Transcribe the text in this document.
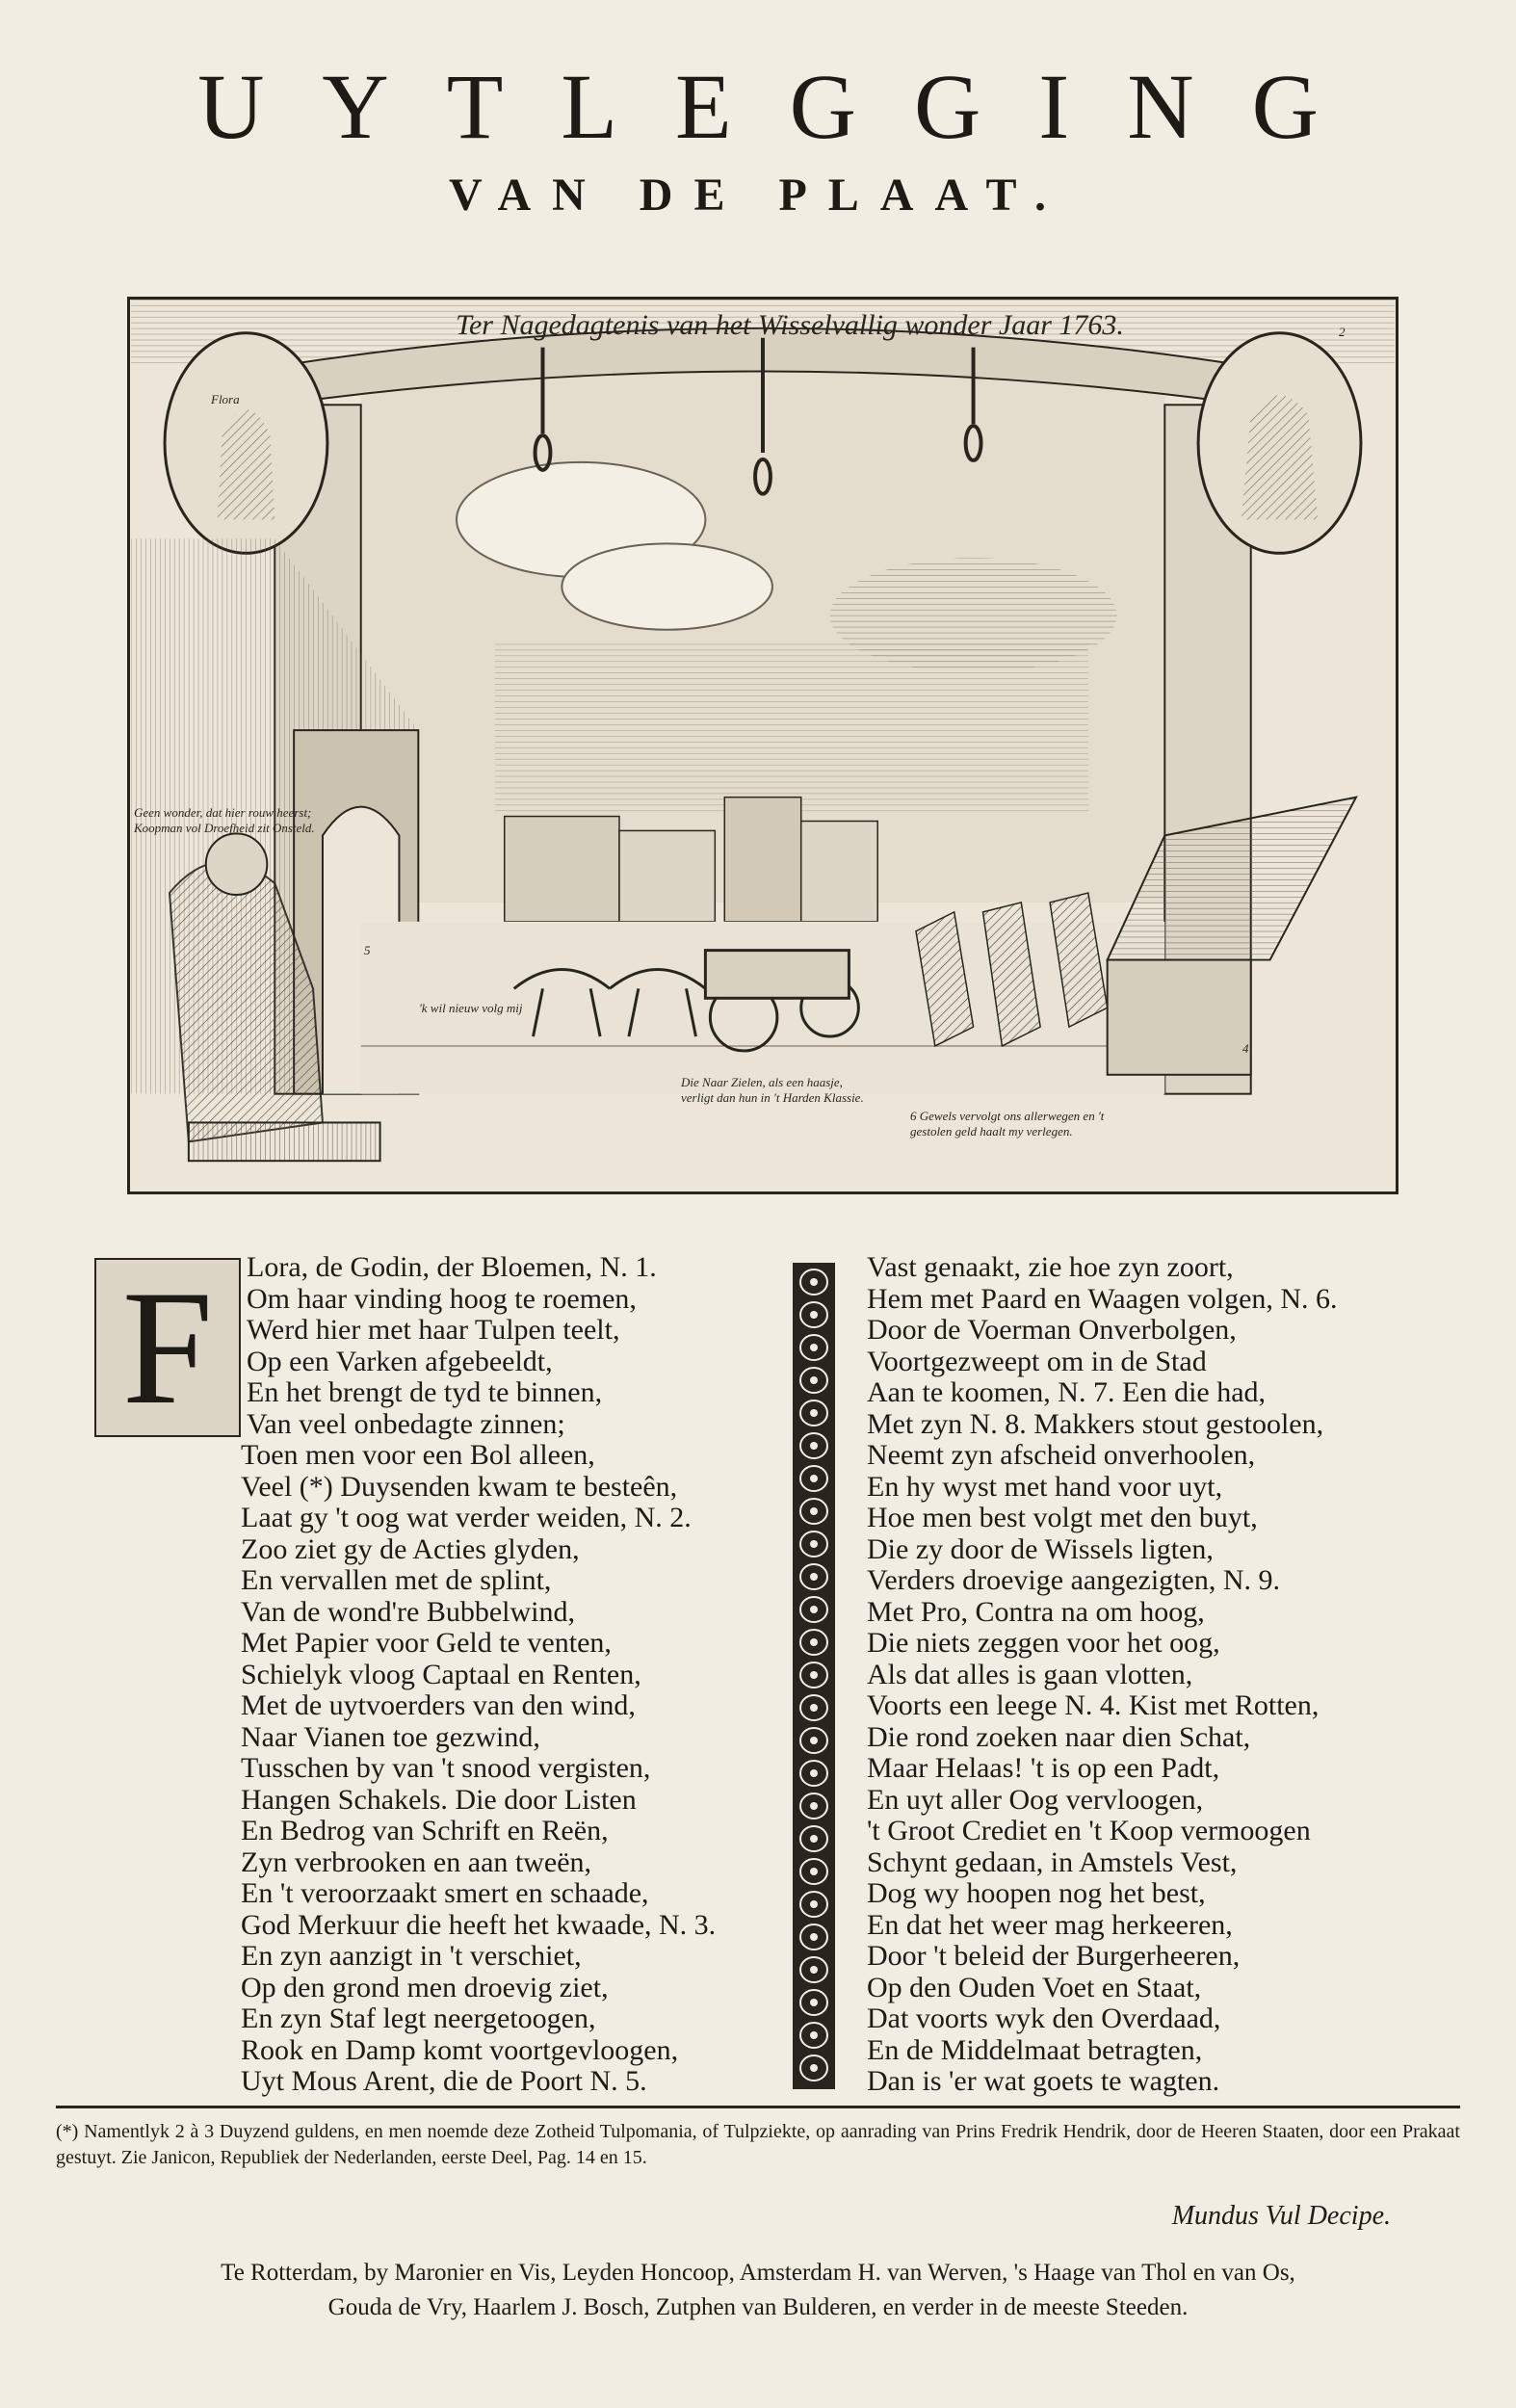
UYTLEGGING
VAN DE PLAAT.
Ter Nagedagtenis van het Wisselvallig wonder Jaar 1763.
Flora
2
Geen wonder, dat hier rouw heerst; Koopman vol Droefheid zit Onsteld.
5
'k wil nieuw volg mij
Die Naar Zielen, als een haasje, verligt dan hun in 't Harden Klassie.
6 Gewels vervolgt ons allerwegen en 't gestolen geld haalt my verlegen.
4
F	Lora, de Godin, der Bloemen, N. 1.
Om haar vinding hoog te roemen,
Werd hier met haar Tulpen teelt,
Op een Varken afgebeeldt,
En het brengt de tyd te binnen,
Van veel onbedagte zinnen;
Toen men voor een Bol alleen,
Veel (*) Duysenden kwam te besteên,
Laat gy 't oog wat verder weiden, N. 2.
Zoo ziet gy de Acties glyden,
En vervallen met de splint,
Van de wond're Bubbelwind,
Met Papier voor Geld te venten,
Schielyk vloog Captaal en Renten,
Met de uytvoerders van den wind,
Naar Vianen toe gezwind,
Tusschen by van 't snood vergisten,
Hangen Schakels. Die door Listen
En Bedrog van Schrift en Reën,
Zyn verbrooken en aan tweën,
En 't veroorzaakt smert en schaade,
God Merkuur die heeft het kwaade, N. 3.
En zyn aanzigt in 't verschiet,
Op den grond men droevig ziet,
En zyn Staf legt neergetoogen,
Rook en Damp komt voortgevloogen,
Uyt Mous Arent, die de Poort N. 5.
Vast genaakt, zie hoe zyn zoort,
Hem met Paard en Waagen volgen, N. 6.
Door de Voerman Onverbolgen,
Voortgezweept om in de Stad
Aan te koomen, N. 7. Een die had,
Met zyn N. 8. Makkers stout gestoolen,
Neemt zyn afscheid onverhoolen,
En hy wyst met hand voor uyt,
Hoe men best volgt met den buyt,
Die zy door de Wissels ligten,
Verders droevige aangezigten, N. 9.
Met Pro, Contra na om hoog,
Die niets zeggen voor het oog,
Als dat alles is gaan vlotten,
Voorts een leege N. 4. Kist met Rotten,
Die rond zoeken naar dien Schat,
Maar Helaas! 't is op een Padt,
En uyt aller Oog vervloogen,
't Groot Crediet en 't Koop vermoogen
Schynt gedaan, in Amstels Vest,
Dog wy hoopen nog het best,
En dat het weer mag herkeeren,
Door 't beleid der Burgerheeren,
Op den Ouden Voet en Staat,
Dat voorts wyk den Overdaad,
En de Middelmaat betragten,
Dan is 'er wat goets te wagten.
(*) Namentlyk 2 à 3 Duyzend guldens, en men noemde deze Zotheid Tulpomania, of Tulpziekte, op aanrading van Prins Fredrik Hendrik, door de Heeren Staaten, door een Prakaat gestuyt. Zie Janicon, Republiek der Nederlanden, eerste Deel, Pag. 14 en 15.
Mundus Vul Decipe.
Te Rotterdam, by Maronier en Vis, Leyden Honcoop, Amsterdam H. van Werven, 's Haage van Thol en van Os,
Gouda de Vry, Haarlem J. Bosch, Zutphen van Bulderen, en verder in de meeste Steeden.
